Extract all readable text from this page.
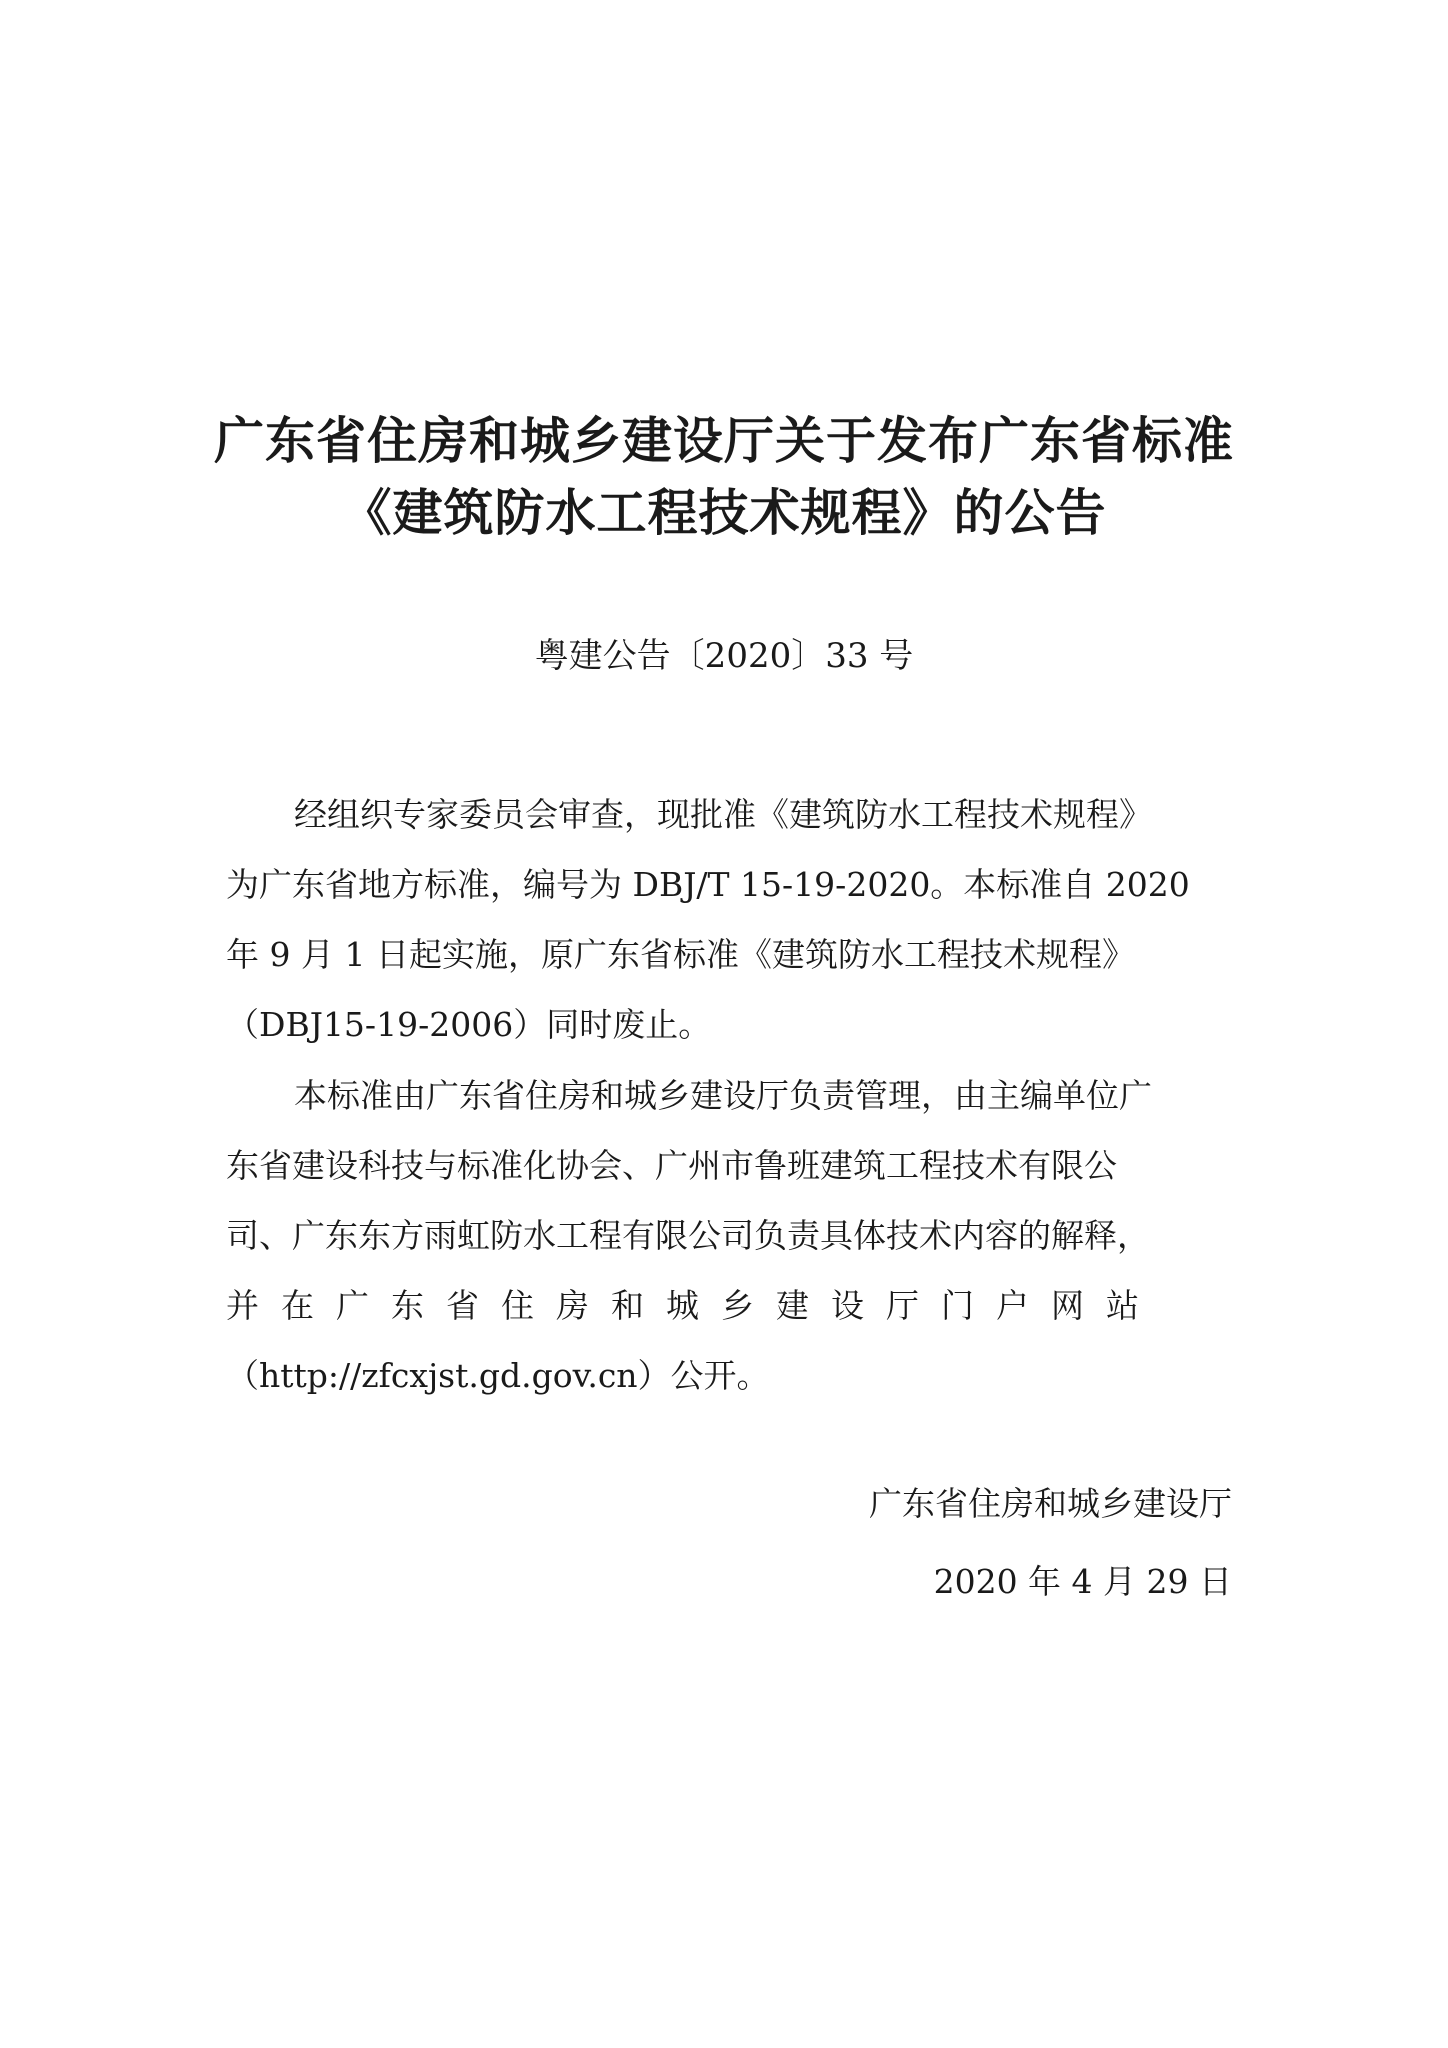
广东省住房和城乡建设厅关于发布广东省标准
《建筑防水工程技术规程》的公告
粤建公告〔2020〕33 号

经组织专家委员会审查，现批准《建筑防水工程技术规程》
为广东省地方标准，编号为 DBJ/T 15-19-2020。本标准自 2020
年 9 月 1 日起实施，原广东省标准《建筑防水工程技术规程》
（DBJ15-19-2006）同时废止。

本标准由广东省住房和城乡建设厅负责管理，由主编单位广
东省建设科技与标准化协会、广州市鲁班建筑工程技术有限公
司、广东东方雨虹防水工程有限公司负责具体技术内容的解释，
并在广东省住房和城乡建设厅门户网站
（http://zfcxjst.gd.gov.cn）公开。

广东省住房和城乡建设厅
2020 年 4 月 29 日
